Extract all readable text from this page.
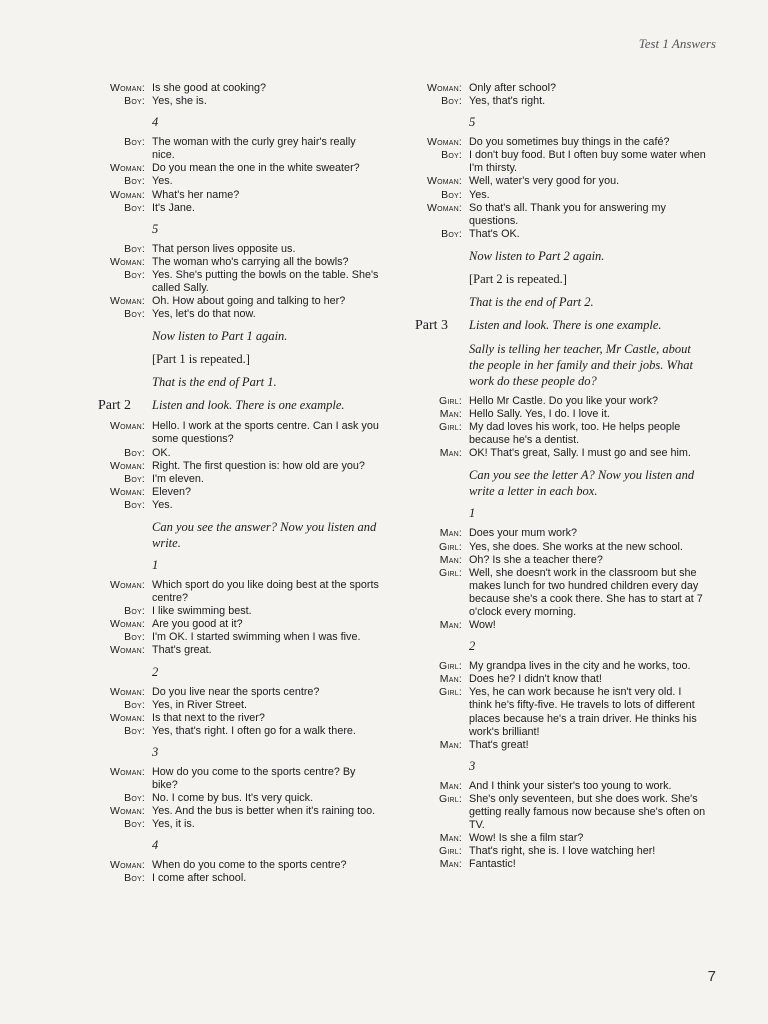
Test 1 Answers
Woman: Is she good at cooking?
Boy: Yes, she is.
4
Boy: The woman with the curly grey hair's really nice.
Woman: Do you mean the one in the white sweater?
Boy: Yes.
Woman: What's her name?
Boy: It's Jane.
5
Boy: That person lives opposite us.
Woman: The woman who's carrying all the bowls?
Boy: Yes. She's putting the bowls on the table. She's called Sally.
Woman: Oh. How about going and talking to her?
Boy: Yes, let's do that now.
Now listen to Part 1 again.
[Part 1 is repeated.]
That is the end of Part 1.
Part 2	Listen and look. There is one example.
Woman: Hello. I work at the sports centre. Can I ask you some questions?
Boy: OK.
Woman: Right. The first question is: how old are you?
Boy: I'm eleven.
Woman: Eleven?
Boy: Yes.
Can you see the answer? Now you listen and write.
1
Woman: Which sport do you like doing best at the sports centre?
Boy: I like swimming best.
Woman: Are you good at it?
Boy: I'm OK. I started swimming when I was five.
Woman: That's great.
2
Woman: Do you live near the sports centre?
Boy: Yes, in River Street.
Woman: Is that next to the river?
Boy: Yes, that's right. I often go for a walk there.
3
Woman: How do you come to the sports centre? By bike?
Boy: No. I come by bus. It's very quick.
Woman: Yes. And the bus is better when it's raining too.
Boy: Yes, it is.
4
Woman: When do you come to the sports centre?
Boy: I come after school.
Woman: Only after school?
Boy: Yes, that's right.
5
Woman: Do you sometimes buy things in the café?
Boy: I don't buy food. But I often buy some water when I'm thirsty.
Woman: Well, water's very good for you.
Boy: Yes.
Woman: So that's all. Thank you for answering my questions.
Boy: That's OK.
Now listen to Part 2 again.
[Part 2 is repeated.]
That is the end of Part 2.
Part 3	Listen and look. There is one example.
Sally is telling her teacher, Mr Castle, about the people in her family and their jobs. What work do these people do?
Girl: Hello Mr Castle. Do you like your work?
Man: Hello Sally. Yes, I do. I love it.
Girl: My dad loves his work, too. He helps people because he's a dentist.
Man: OK! That's great, Sally. I must go and see him.
Can you see the letter A? Now you listen and write a letter in each box.
1
Man: Does your mum work?
Girl: Yes, she does. She works at the new school.
Man: Oh? Is she a teacher there?
Girl: Well, she doesn't work in the classroom but she makes lunch for two hundred children every day because she's a cook there. She has to start at 7 o'clock every morning.
Man: Wow!
2
Girl: My grandpa lives in the city and he works, too.
Man: Does he? I didn't know that!
Girl: Yes, he can work because he isn't very old. I think he's fifty-five. He travels to lots of different places because he's a train driver. He thinks his work's brilliant!
Man: That's great!
3
Man: And I think your sister's too young to work.
Girl: She's only seventeen, but she does work. She's getting really famous now because she's often on TV.
Man: Wow! Is she a film star?
Girl: That's right, she is. I love watching her!
Man: Fantastic!
7
